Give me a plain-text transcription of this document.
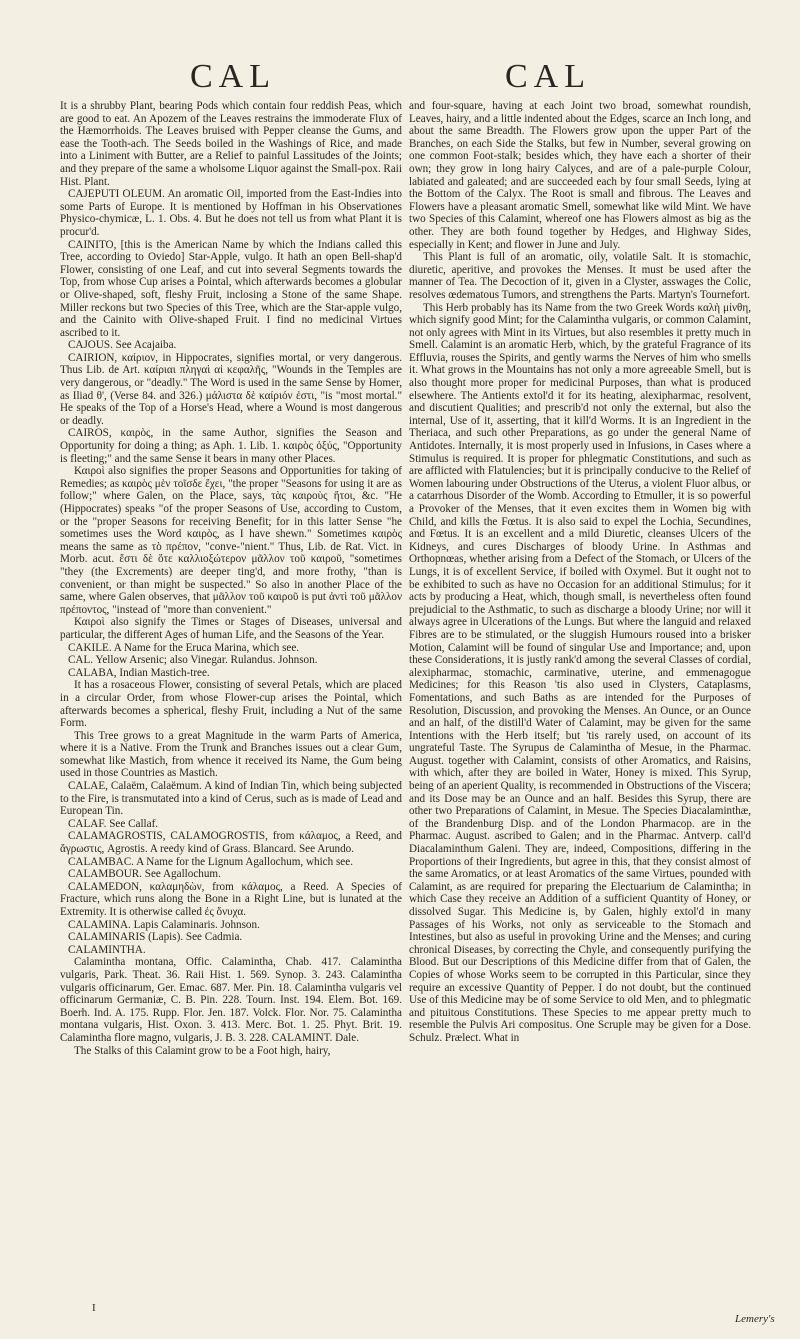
CAL	CAL

It is a shrubby Plant, bearing Pods which contain four reddish Peas, which are good to eat. An Apozem of the Leaves restrains the immoderate Flux of the Hæmorrhoids. The Leaves bruised with Pepper cleanse the Gums, and ease the Tooth-ach. The Seeds boiled in the Washings of Rice, and made into a Liniment with Butter, are a Relief to painful Lassitudes of the Joints; and they prepare of the same a wholsome Liquor against the Small-pox. Raii Hist. Plant.

CAJEPUTI OLEUM. An aromatic Oil, imported from the East-Indies into some Parts of Europe. It is mentioned by Hoffman in his Observationes Physico-chymicæ, L. 1. Obs. 4. But he does not tell us from what Plant it is procur'd.

CAINITO, [this is the American Name by which the Indians called this Tree, according to Oviedo] Star-Apple, vulgo. It hath an open Bell-shap'd Flower, consisting of one Leaf, and cut into several Segments towards the Top, from whose Cup arises a Pointal, which afterwards becomes a globular or Olive-shaped, soft, fleshy Fruit, inclosing a Stone of the same Shape. Miller reckons but two Species of this Tree, which are the Star-apple vulgo, and the Cainito with Olive-shaped Fruit. I find no medicinal Virtues ascribed to it.

CAJOUS. See Acajaiba.

CAIRION, καίριον, in Hippocrates, signifies mortal, or very dangerous. Thus Lib. de Art. καίριαι πληγαὶ αἱ κεφαλῆς, "Wounds in the Temples are very dangerous, or "deadly." The Word is used in the same Sense by Homer, as Iliad θ', (Verse 84. and 326.) μάλιστα δὲ καίριόν ἐστι, "is "most mortal." He speaks of the Top of a Horse's Head, where a Wound is most dangerous or deadly.

CAIROS, καιρὸς, in the same Author, signifies the Season and Opportunity for doing a thing; as Aph. 1. Lib. 1. καιρὸς ὀξύς, "Opportunity is fleeting;" and the same Sense it bears in many other Places.

Καιροὶ also signifies the proper Seasons and Opportunities for taking of Remedies; as καιρὸς μὲν τοῖσδε ἔχει, "the proper "Seasons for using it are as follow;" where Galen, on the Place, says, τὰς καιροὺς ἤτοι, &c. "He (Hippocrates) speaks "of the proper Seasons of Use, according to Custom, or the "proper Seasons for receiving Benefit; for in this latter Sense "he sometimes uses the Word καιρὸς, as I have shewn." Sometimes καιρὸς means the same as τὸ πρέπον, "conve-"nient." Thus, Lib. de Rat. Vict. in Morb. acut. ἔστι δὲ ὅτε καλλιοξώτερον μᾶλλον τοῦ καιροῦ, "sometimes "they (the Excrements) are deeper ting'd, and more frothy, "than is convenient, or than might be suspected." So also in another Place of the same, where Galen observes, that μᾶλλον τοῦ καιροῦ is put ἀντὶ τοῦ μᾶλλον πρέποντος, "instead of "more than convenient."

Καιροὶ also signify the Times or Stages of Diseases, universal and particular, the different Ages of human Life, and the Seasons of the Year.

CAKILE. A Name for the Eruca Marina, which see.

CAL. Yellow Arsenic; also Vinegar. Rulandus. Johnson.

CALABA, Indian Mastich-tree.

It has a rosaceous Flower, consisting of several Petals, which are placed in a circular Order, from whose Flower-cup arises the Pointal, which afterwards becomes a spherical, fleshy Fruit, including a Nut of the same Form.

This Tree grows to a great Magnitude in the warm Parts of America, where it is a Native. From the Trunk and Branches issues out a clear Gum, somewhat like Mastich, from whence it received its Name, the Gum being used in those Countries as Mastich.

CALAE, Calaëm, Calaëmum. A kind of Indian Tin, which being subjected to the Fire, is transmutated into a kind of Cerus, such as is made of Lead and European Tin.

CALAF. See Callaf.

CALAMAGROSTIS, CALAMOGROSTIS, from κάλαμος, a Reed, and ἄγρωστις, Agrostis. A reedy kind of Grass. Blancard. See Arundo.

CALAMBAC. A Name for the Lignum Agallochum, which see.

CALAMBOUR. See Agallochum.

CALAMEDON, καλαμηδὼν, from κάλαμος, a Reed. A Species of Fracture, which runs along the Bone in a Right Line, but is lunated at the Extremity. It is otherwise called ἐς ὄνυχα.

CALAMINA. Lapis Calaminaris. Johnson.

CALAMINARIS (Lapis). See Cadmia.

CALAMINTHA.

Calamintha montana, Offic. Calamintha, Chab. 417. Calamintha vulgaris, Park. Theat. 36. Raii Hist. 1. 569. Synop. 3. 243. Calamintha vulgaris officinarum, Ger. Emac. 687. Mer. Pin. 18. Calamintha vulgaris vel officinarum Germaniæ, C. B. Pin. 228. Tourn. Inst. 194. Elem. Bot. 169. Boerh. Ind. A. 175. Rupp. Flor. Jen. 187. Volck. Flor. Nor. 75. Calamintha montana vulgaris, Hist. Oxon. 3. 413. Merc. Bot. 1. 25. Phyt. Brit. 19. Calamintha flore magno, vulgaris, J. B. 3. 228. CALAMINT. Dale.

The Stalks of this Calamint grow to be a Foot high, hairy,

and four-square, having at each Joint two broad, somewhat roundish, Leaves, hairy, and a little indented about the Edges, scarce an Inch long, and about the same Breadth. The Flowers grow upon the upper Part of the Branches, on each Side the Stalks, but few in Number, several growing on one common Foot-stalk; besides which, they have each a shorter of their own; they grow in long hairy Calyces, and are of a pale-purple Colour, labiated and galeated; and are succeeded each by four small Seeds, lying at the Bottom of the Calyx. The Root is small and fibrous. The Leaves and Flowers have a pleasant aromatic Smell, somewhat like wild Mint. We have two Species of this Calamint, whereof one has Flowers almost as big as the other. They are both found together by Hedges, and Highway Sides, especially in Kent; and flower in June and July.

This Plant is full of an aromatic, oily, volatile Salt. It is stomachic, diuretic, aperitive, and provokes the Menses. It must be used after the manner of Tea. The Decoction of it, given in a Clyster, asswages the Colic, resolves œdematous Tumors, and strengthens the Parts. Martyn's Tournefort.

This Herb probably has its Name from the two Greek Words καλὴ μίνθη, which signify good Mint; for the Calamintha vulgaris, or common Calamint, not only agrees with Mint in its Virtues, but also resembles it pretty much in Smell. Calamint is an aromatic Herb, which, by the grateful Fragrance of its Effluvia, rouses the Spirits, and gently warms the Nerves of him who smells it. What grows in the Mountains has not only a more agreeable Smell, but is also thought more proper for medicinal Purposes, than what is produced elsewhere. The Antients extol'd it for its heating, alexipharmac, resolvent, and discutient Qualities; and prescrib'd not only the external, but also the internal, Use of it, asserting, that it kill'd Worms. It is an Ingredient in the Theriaca, and such other Preparations, as go under the general Name of Antidotes. Internally, it is most properly used in Infusions, in Cases where a Stimulus is required. It is proper for phlegmatic Constitutions, and such as are afflicted with Flatulencies; but it is principally conducive to the Relief of Women labouring under Obstructions of the Uterus, a violent Fluor albus, or a catarrhous Disorder of the Womb. According to Etmuller, it is so powerful a Provoker of the Menses, that it even excites them in Women big with Child, and kills the Fœtus. It is also said to expel the Lochia, Secundines, and Fœtus. It is an excellent and a mild Diuretic, cleanses Ulcers of the Kidneys, and cures Discharges of bloody Urine. In Asthmas and Orthopnœas, whether arising from a Defect of the Stomach, or Ulcers of the Lungs, it is of excellent Service, if boiled with Oxymel. But it ought not to be exhibited to such as have no Occasion for an additional Stimulus; for it acts by producing a Heat, which, though small, is nevertheless often found prejudicial to the Asthmatic, to such as discharge a bloody Urine; nor will it always agree in Ulcerations of the Lungs. But where the languid and relaxed Fibres are to be stimulated, or the sluggish Humours roused into a brisker Motion, Calamint will be found of singular Use and Importance; and, upon these Considerations, it is justly rank'd among the several Classes of cordial, alexipharmac, stomachic, carminative, uterine, and emmenagogue Medicines; for this Reason 'tis also used in Clysters, Cataplasms, Fomentations, and such Baths as are intended for the Purposes of Resolution, Discussion, and provoking the Menses. An Ounce, or an Ounce and an half, of the distill'd Water of Calamint, may be given for the same Intentions with the Herb itself; but 'tis rarely used, on account of its ungrateful Taste. The Syrupus de Calamintha of Mesue, in the Pharmac. August. together with Calamint, consists of other Aromatics, and Raisins, with which, after they are boiled in Water, Honey is mixed. This Syrup, being of an aperient Quality, is recommended in Obstructions of the Viscera; and its Dose may be an Ounce and an half. Besides this Syrup, there are other two Preparations of Calamint, in Mesue. The Species Diacalaminthæ, of the Brandenburg Disp. and of the London Pharmacop. are in the Pharmac. August. ascribed to Galen; and in the Pharmac. Antverp. call'd Diacalaminthum Galeni. They are, indeed, Compositions, differing in the Proportions of their Ingredients, but agree in this, that they consist almost of the same Aromatics, or at least Aromatics of the same Virtues, pounded with Calamint, as are required for preparing the Electuarium de Calamintha; in which Case they receive an Addition of a sufficient Quantity of Honey, or dissolved Sugar. This Medicine is, by Galen, highly extol'd in many Passages of his Works, not only as serviceable to the Stomach and Intestines, but also as useful in provoking Urine and the Menses; and curing chronical Diseases, by correcting the Chyle, and consequently purifying the Blood. But our Descriptions of this Medicine differ from that of Galen, the Copies of whose Works seem to be corrupted in this Particular, since they require an excessive Quantity of Pepper. I do not doubt, but the continued Use of this Medicine may be of some Service to old Men, and to phlegmatic and pituitous Constitutions. These Species to me appear pretty much to resemble the Pulvis Ari compositus. One Scruple may be given for a Dose. Schulz. Prælect. What in

I
Lemery's
